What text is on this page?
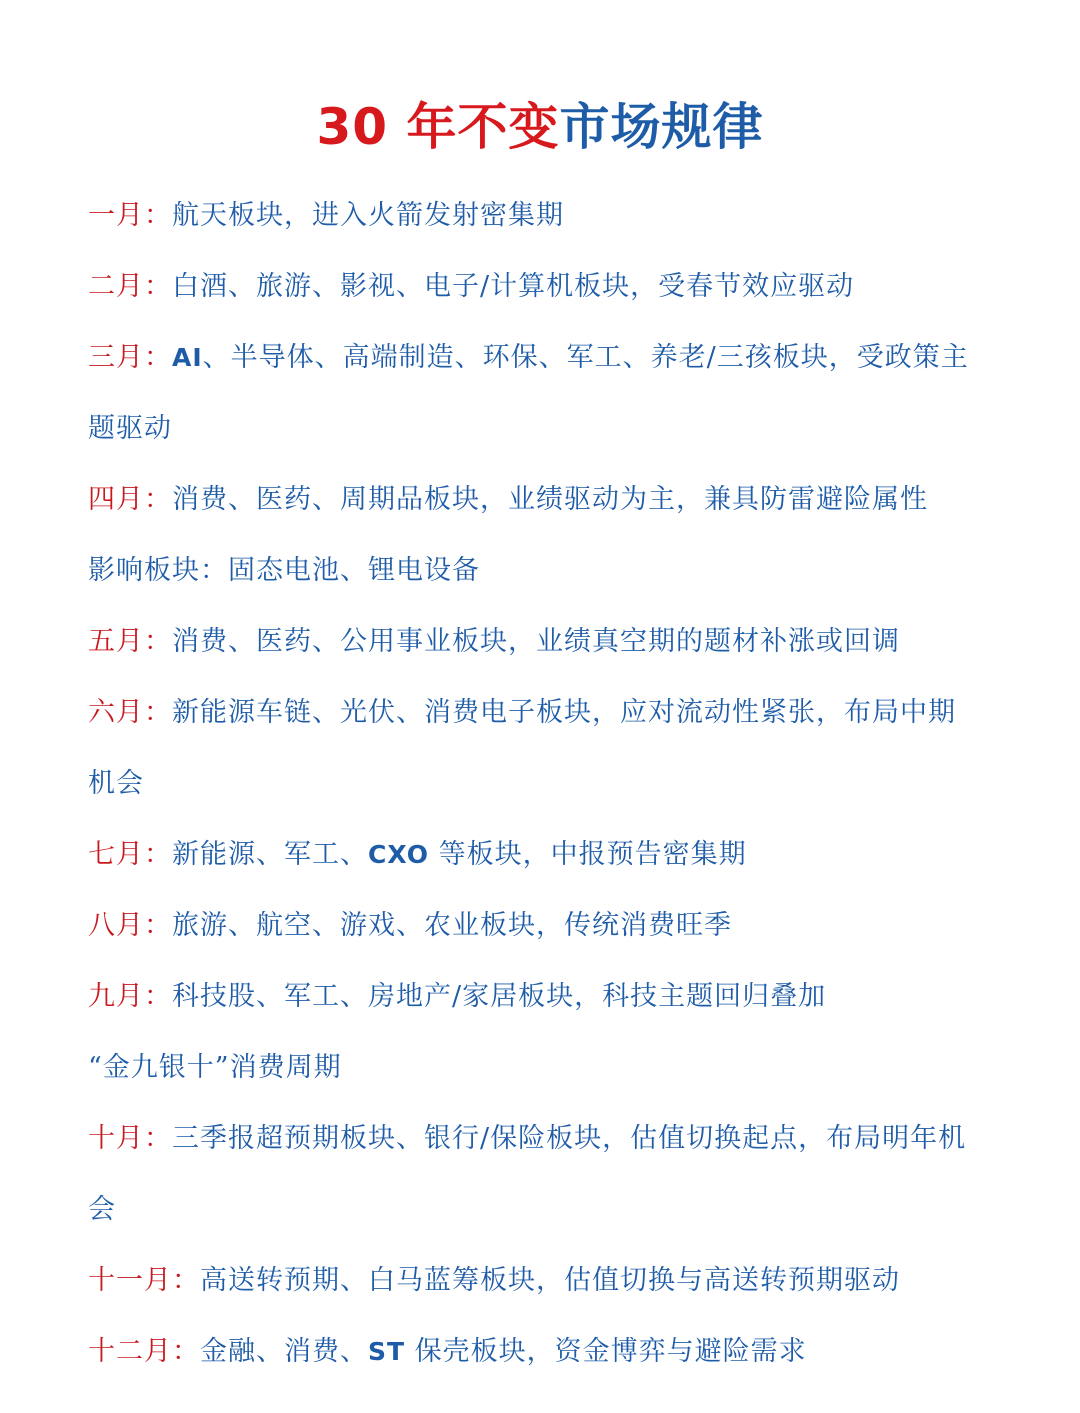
30 年不变市场规律
一月：航天板块，进入火箭发射密集期
二月：白酒、旅游、影视、电子/计算机板块，受春节效应驱动
三月：AI、半导体、高端制造、环保、军工、养老/三孩板块，受政策主
题驱动
四月：消费、医药、周期品板块，业绩驱动为主，兼具防雷避险属性
影响板块：固态电池、锂电设备
五月：消费、医药、公用事业板块，业绩真空期的题材补涨或回调
六月：新能源车链、光伏、消费电子板块，应对流动性紧张，布局中期
机会
七月：新能源、军工、CXO 等板块，中报预告密集期
八月：旅游、航空、游戏、农业板块，传统消费旺季
九月：科技股、军工、房地产/家居板块，科技主题回归叠加
“金九银十”消费周期
十月：三季报超预期板块、银行/保险板块，估值切换起点，布局明年机
会
十一月：高送转预期、白马蓝筹板块，估值切换与高送转预期驱动
十二月：金融、消费、ST 保壳板块，资金博弈与避险需求
